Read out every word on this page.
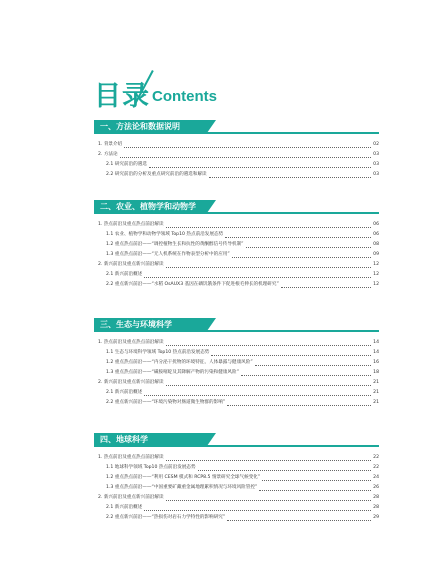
目录 Contents
一、方法论和数据说明
1. 背景介绍	02
2. 方法论	03
2.1 研究前沿的遴选	03
2.2 研究前沿的分析及重点研究前沿的遴选和解读	03
二、农业、植物学和动物学
1. 热点前沿及重点热点前沿解读	06
1.1 农业、植物学和动物学领域 Top10 热点前沿发展态势	06
1.2 重点热点前沿——“调控植物生长和抗性的黄酮醇信号传导机制”	08
1.3 重点热点前沿——“无人机系统在作物表型分析中的应用”	09
2. 新兴前沿及重点新兴前沿解读	12
2.1 新兴前沿概述	12
2.2 重点新兴前沿——“水稻 OsAUX3 基因在磷饥饿条件下促进根毛伸长的机理研究”	12
三、生态与环境科学
1. 热点前沿及重点热点前沿解读	14
1.1 生态与环境科学领域 Top10 热点前沿发展态势	14
1.2 重点热点前沿——“内分泌干扰物的环境特征、人体暴露与健康风险”	16
1.3 重点热点前沿——“磺胺嘧啶及其降解产物的污染和健康风险”	18
2. 新兴前沿及重点新兴前沿解读	21
2.1 新兴前沿概述	21
2.2 重点新兴前沿——“环境污染物对肠道微生物群的影响”	21
四、地球科学
1. 热点前沿及重点热点前沿解读	22
1.1 地球科学领域 Top10 热点前沿发展态势	22
1.2 重点热点前沿——“利用 CESM 模式和 RCP8.5 情景研究全球气候变化”	24
1.3 重点热点前沿——“中国重要矿藏重金属地理累积情况与环境风险管控”	26
2. 新兴前沿及重点新兴前沿解读	28
2.1 新兴前沿概述	28
2.2 重点新兴前沿——“热损伤对岩石力学特性的影响研究”	29
